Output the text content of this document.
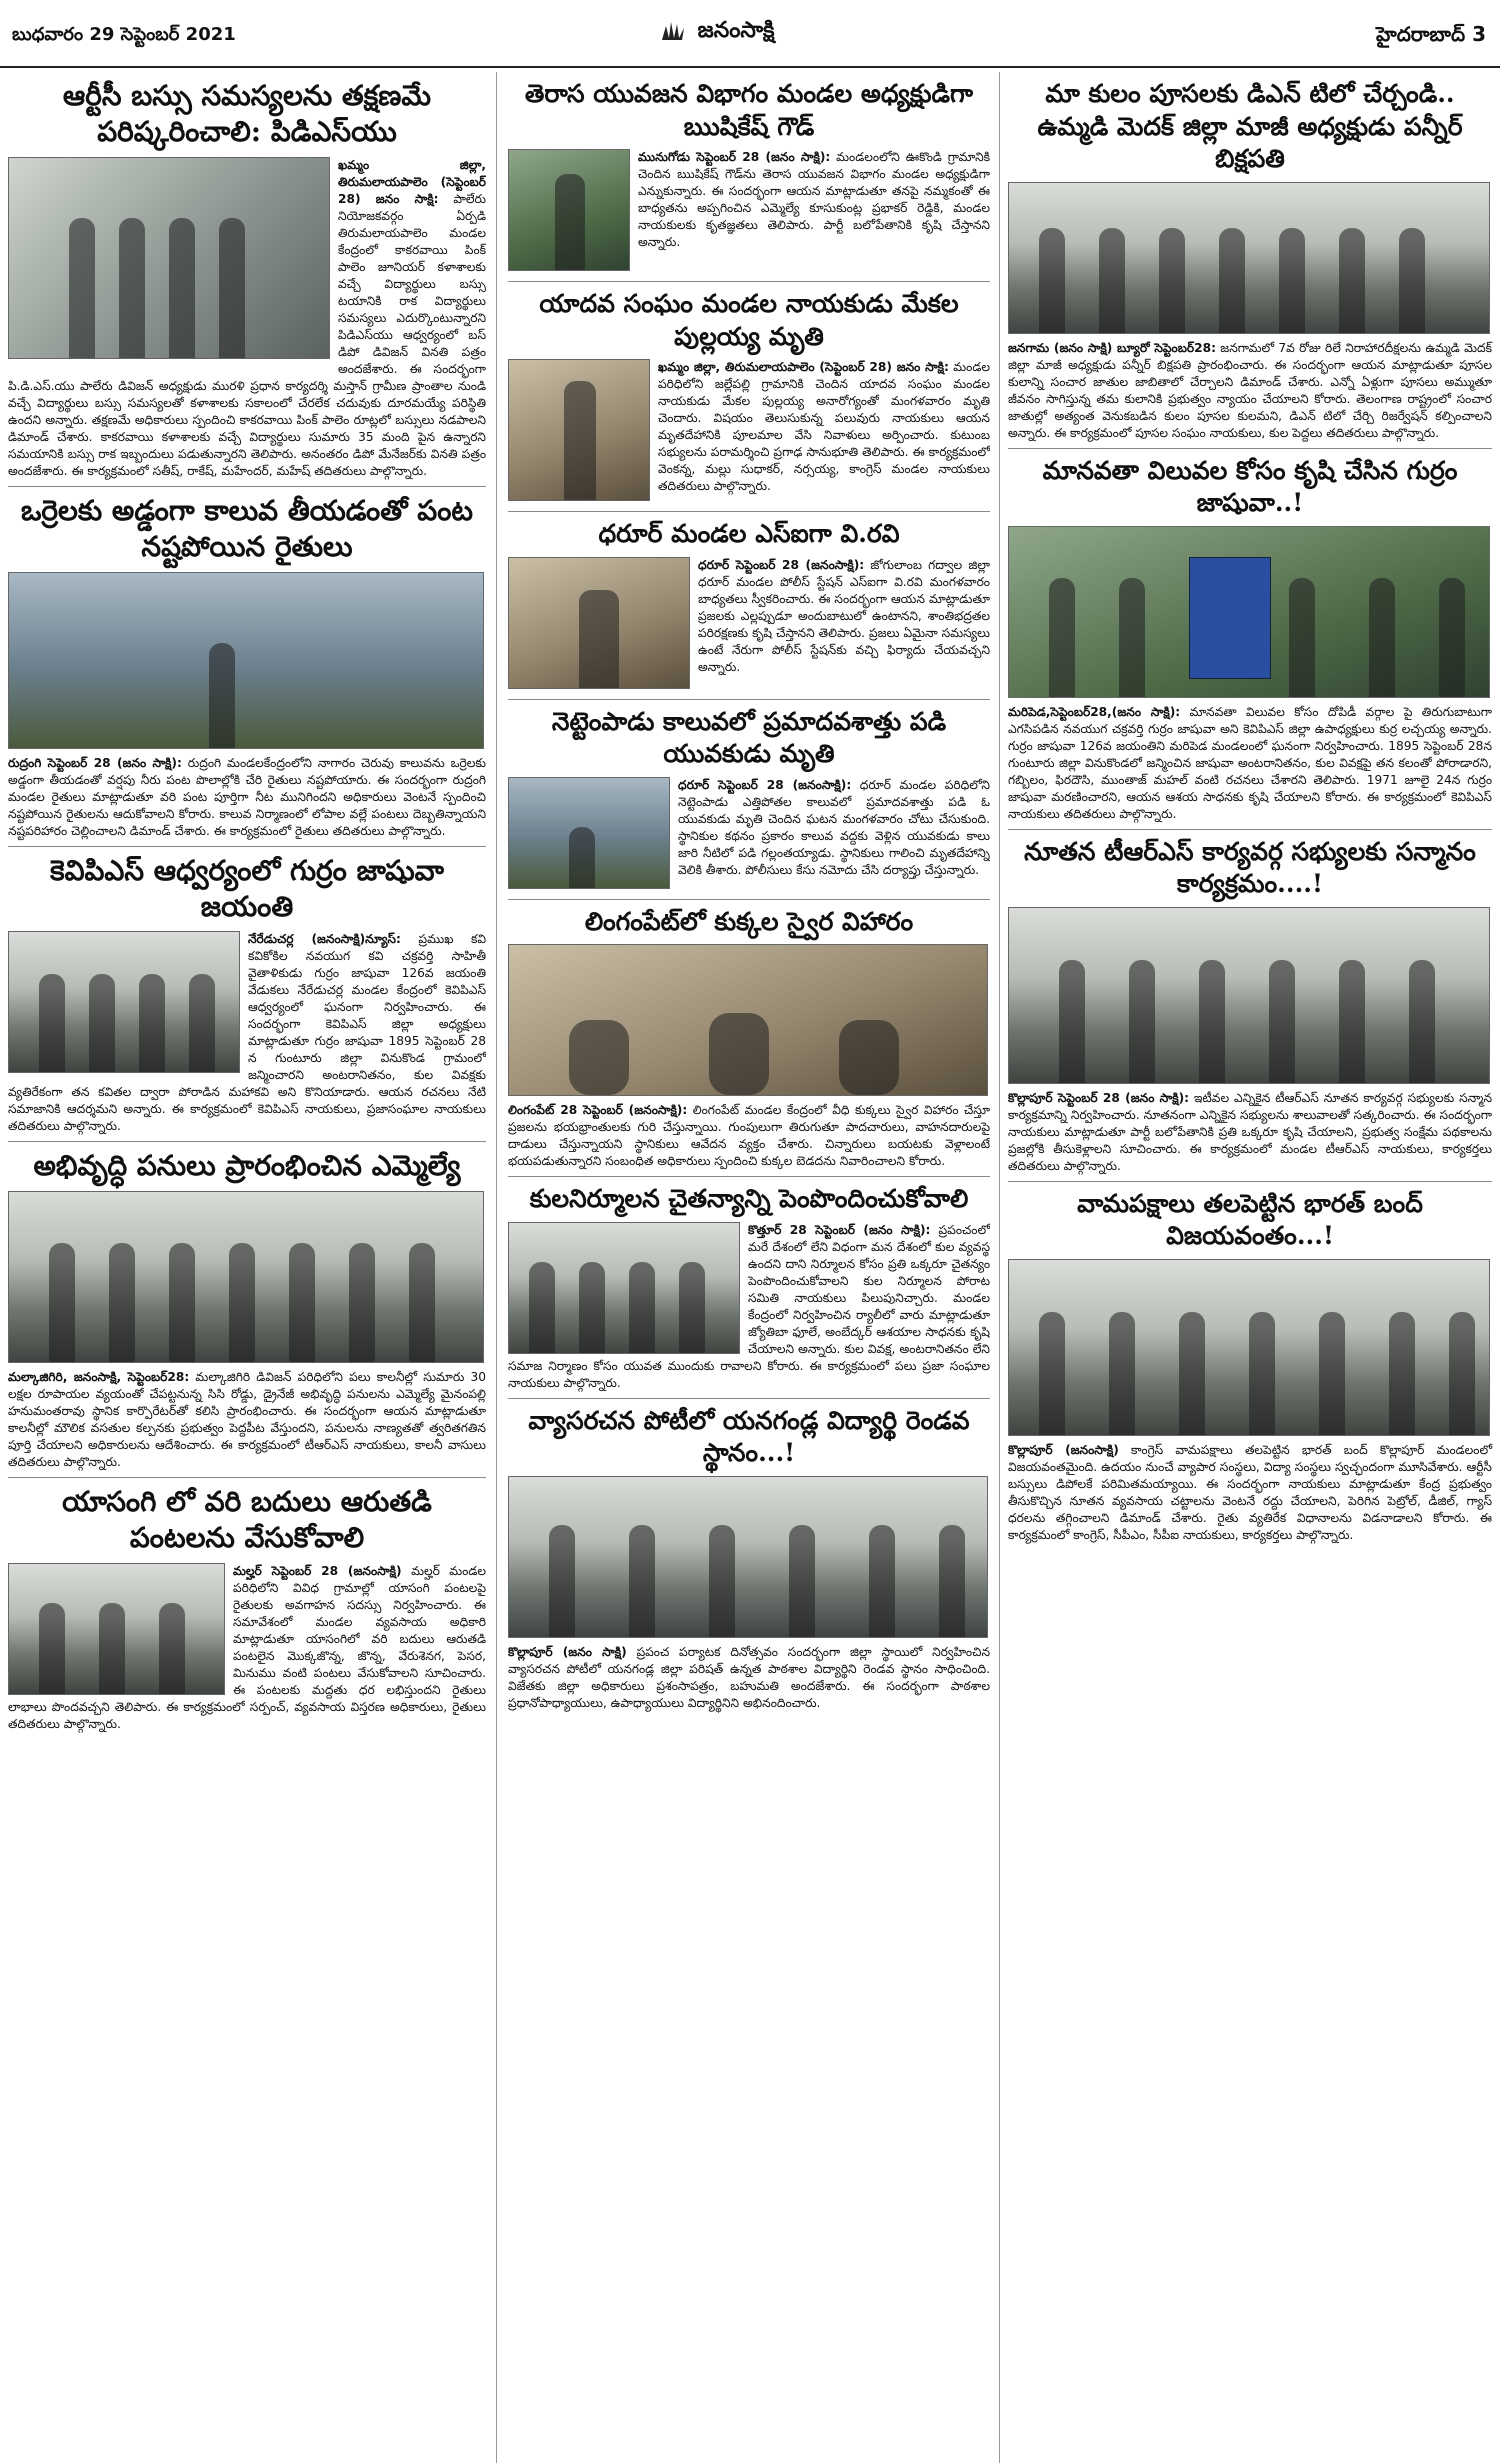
బుధవారం 29 సెప్టెంబర్ 2021	జనంసాక్షి	హైదరాబాద్ 3
ఆర్టీసీ బస్సు సమస్యలను తక్షణమే పరిష్కరించాలి: పిడిఎస్‌యు

ఖమ్మం జిల్లా, తిరుమలాయపాలెం (సెప్టెంబర్ 28) జనం సాక్షి: పాలేరు నియోజకవర్గం ఏర్పడి తిరుమలాయపాలెం మండల కేంద్రంలో కాకరవాయి పింక్ పాలెం జూనియర్ కళాశాలకు వచ్చే విద్యార్థులు బస్సు టయానికి రాక విద్యార్థులు సమస్యలు ఎదుర్కొంటున్నారని పిడిఎస్‌యు ఆధ్వర్యంలో బస్ డిపో డివిజన్ వినతి పత్రం అందజేశారు. ఈ సందర్భంగా పి.డి.ఎస్.యు పాలేరు డివిజన్ అధ్యక్షుడు మురళి ప్రధాన కార్యదర్శి మస్తాన్ గ్రామీణ ప్రాంతాల నుండి వచ్చే విద్యార్థులు బస్సు సమస్యలతో కళాశాలకు సకాలంలో చేరలేక చదువుకు దూరమయ్యే పరిస్థితి ఉందని అన్నారు. తక్షణమే అధికారులు స్పందించి కాకరవాయి పింక్ పాలెం రూట్లలో బస్సులు నడపాలని డిమాండ్ చేశారు. కాకరవాయి కళాశాలకు వచ్చే విద్యార్థులు సుమారు 35 మంది పైన ఉన్నారని సమయానికి బస్సు రాక ఇబ్బందులు పడుతున్నారని తెలిపారు. అనంతరం డిపో మేనేజర్‌కు వినతి పత్రం అందజేశారు. ఈ కార్యక్రమంలో సతీష్, రాకేష్, మహేందర్, మహేష్ తదితరులు పాల్గొన్నారు.

ఒర్రెలకు అడ్డంగా కాలువ తీయడంతో పంట నష్టపోయిన రైతులు

రుద్రంగి సెప్టెంబర్ 28 (జనం సాక్షి): రుద్రంగి మండలకేంద్రంలోని నాగారం చెరువు కాలువను ఒర్రెలకు అడ్డంగా తీయడంతో వర్షపు నీరు పంట పొలాల్లోకి చేరి రైతులు నష్టపోయారు. ఈ సందర్భంగా రుద్రంగి మండల రైతులు మాట్లాడుతూ వరి పంట పూర్తిగా నీట మునిగిందని అధికారులు వెంటనే స్పందించి నష్టపోయిన రైతులను ఆదుకోవాలని కోరారు. కాలువ నిర్మాణంలో లోపాల వల్లే పంటలు దెబ్బతిన్నాయని నష్టపరిహారం చెల్లించాలని డిమాండ్ చేశారు. ఈ కార్యక్రమంలో రైతులు తదితరులు పాల్గొన్నారు.

కెవిపిఎస్ ఆధ్వర్యంలో గుర్రం జాషువా జయంతి

నేరేడుచర్ల (జనంసాక్షి)న్యూస్: ప్రముఖ కవి కవికోకిల నవయుగ కవి చక్రవర్తి సాహితీ వైతాళికుడు గుర్రం జాషువా 126వ జయంతి వేడుకలు నేరేడుచర్ల మండల కేంద్రంలో కెవిపిఎస్ ఆధ్వర్యంలో ఘనంగా నిర్వహించారు. ఈ సందర్భంగా కెవిపిఎస్ జిల్లా అధ్యక్షులు మాట్లాడుతూ గుర్రం జాషువా 1895 సెప్టెంబర్ 28 న గుంటూరు జిల్లా వినుకొండ గ్రామంలో జన్మించారని అంటరానితనం, కుల వివక్షకు వ్యతిరేకంగా తన కవితల ద్వారా పోరాడిన మహాకవి అని కొనియాడారు. ఆయన రచనలు నేటి సమాజానికి ఆదర్శమని అన్నారు. ఈ కార్యక్రమంలో కెవిపిఎస్ నాయకులు, ప్రజాసంఘాల నాయకులు తదితరులు పాల్గొన్నారు.

అభివృద్ధి పనులు ప్రారంభించిన ఎమ్మెల్యే

మల్కాజిగిరి, జనంసాక్షి, సెప్టెంబర్28: మల్కాజిగిరి డివిజన్ పరిధిలోని పలు కాలనీల్లో సుమారు 30 లక్షల రూపాయల వ్యయంతో చేపట్టనున్న సిసి రోడ్డు, డ్రైనేజీ అభివృద్ధి పనులను ఎమ్మెల్యే మైనంపల్లి హనుమంతరావు స్థానిక కార్పొరేటర్‌తో కలిసి ప్రారంభించారు. ఈ సందర్భంగా ఆయన మాట్లాడుతూ కాలనీల్లో మౌలిక వసతుల కల్పనకు ప్రభుత్వం పెద్దపీట వేస్తుందని, పనులను నాణ్యతతో త్వరితగతిన పూర్తి చేయాలని అధికారులను ఆదేశించారు. ఈ కార్యక్రమంలో టీఆర్ఎస్ నాయకులు, కాలనీ వాసులు తదితరులు పాల్గొన్నారు.

యాసంగి లో వరి బదులు ఆరుతడి పంటలను వేసుకోవాలి

మల్హర్ సెప్టెంబర్ 28 (జనంసాక్షి) మల్హర్ మండల పరిధిలోని వివిధ గ్రామాల్లో యాసంగి పంటలపై రైతులకు అవగాహన సదస్సు నిర్వహించారు. ఈ సమావేశంలో మండల వ్యవసాయ అధికారి మాట్లాడుతూ యాసంగిలో వరి బదులు ఆరుతడి పంటలైన మొక్కజొన్న, జొన్న, వేరుశెనగ, పెసర, మినుము వంటి పంటలు వేసుకోవాలని సూచించారు. ఈ పంటలకు మద్దతు ధర లభిస్తుందని రైతులు లాభాలు పొందవచ్చని తెలిపారు. ఈ కార్యక్రమంలో సర్పంచ్, వ్యవసాయ విస్తరణ అధికారులు, రైతులు తదితరులు పాల్గొన్నారు.

తెరాస యువజన విభాగం మండల అధ్యక్షుడిగా ఋషికేష్ గౌడ్

మునుగోడు సెప్టెంబర్ 28 (జనం సాక్షి): మండలంలోని ఊకొండి గ్రామానికి చెందిన ఋషికేష్ గౌడ్‌ను తెరాస యువజన విభాగం మండల అధ్యక్షుడిగా ఎన్నుకున్నారు. ఈ సందర్భంగా ఆయన మాట్లాడుతూ తనపై నమ్మకంతో ఈ బాధ్యతను అప్పగించిన ఎమ్మెల్యే కూసుకుంట్ల ప్రభాకర్ రెడ్డికి, మండల నాయకులకు కృతజ్ఞతలు తెలిపారు. పార్టీ బలోపేతానికి కృషి చేస్తానని అన్నారు.

యాదవ సంఘం మండల నాయకుడు మేకల పుల్లయ్య మృతి

ఖమ్మం జిల్లా, తిరుమలాయపాలెం (సెప్టెంబర్ 28) జనం సాక్షి: మండల పరిధిలోని జల్లేపల్లి గ్రామానికి చెందిన యాదవ సంఘం మండల నాయకుడు మేకల పుల్లయ్య అనారోగ్యంతో మంగళవారం మృతి చెందారు. విషయం తెలుసుకున్న పలువురు నాయకులు ఆయన మృతదేహానికి పూలమాల వేసి నివాళులు అర్పించారు. కుటుంబ సభ్యులను పరామర్శించి ప్రగాఢ సానుభూతి తెలిపారు. ఈ కార్యక్రమంలో వెంకన్న, మల్లు సుధాకర్, నర్సయ్య, కాంగ్రెస్ మండల నాయకులు తదితరులు పాల్గొన్నారు.

ధరూర్ మండల ఎస్ఐగా వి.రవి

ధరూర్ సెప్టెంబర్ 28 (జనంసాక్షి): జోగులాంబ గద్వాల జిల్లా ధరూర్ మండల పోలీస్ స్టేషన్ ఎస్ఐగా వి.రవి మంగళవారం బాధ్యతలు స్వీకరించారు. ఈ సందర్భంగా ఆయన మాట్లాడుతూ ప్రజలకు ఎల్లప్పుడూ అందుబాటులో ఉంటానని, శాంతిభద్రతల పరిరక్షణకు కృషి చేస్తానని తెలిపారు. ప్రజలు ఏమైనా సమస్యలు ఉంటే నేరుగా పోలీస్ స్టేషన్‌కు వచ్చి ఫిర్యాదు చేయవచ్చని అన్నారు.

నెట్టెంపాడు కాలువలో ప్రమాదవశాత్తు పడి యువకుడు మృతి

ధరూర్ సెప్టెంబర్ 28 (జనంసాక్షి): ధరూర్ మండల పరిధిలోని నెట్టెంపాడు ఎత్తిపోతల కాలువలో ప్రమాదవశాత్తు పడి ఓ యువకుడు మృతి చెందిన ఘటన మంగళవారం చోటు చేసుకుంది. స్థానికుల కథనం ప్రకారం కాలువ వద్దకు వెళ్లిన యువకుడు కాలు జారి నీటిలో పడి గల్లంతయ్యాడు. స్థానికులు గాలించి మృతదేహాన్ని వెలికి తీశారు. పోలీసులు కేసు నమోదు చేసి దర్యాప్తు చేస్తున్నారు.

లింగంపేట్‌లో కుక్కల స్వైర విహారం

లింగంపేట్ 28 సెప్టెంబర్ (జనంసాక్షి): లింగంపేట్ మండల కేంద్రంలో వీధి కుక్కలు స్వైర విహారం చేస్తూ ప్రజలను భయభ్రాంతులకు గురి చేస్తున్నాయి. గుంపులుగా తిరుగుతూ పాదచారులు, వాహనదారులపై దాడులు చేస్తున్నాయని స్థానికులు ఆవేదన వ్యక్తం చేశారు. చిన్నారులు బయటకు వెళ్లాలంటే భయపడుతున్నారని సంబంధిత అధికారులు స్పందించి కుక్కల బెడదను నివారించాలని కోరారు.

కులనిర్మూలన చైతన్యాన్ని పెంపొందించుకోవాలి

కొత్తూర్ 28 సెప్టెంబర్ (జనం సాక్షి): ప్రపంచంలో మరే దేశంలో లేని విధంగా మన దేశంలో కుల వ్యవస్థ ఉందని దాని నిర్మూలన కోసం ప్రతి ఒక్కరూ చైతన్యం పెంపొందించుకోవాలని కుల నిర్మూలన పోరాట సమితి నాయకులు పిలుపునిచ్చారు. మండల కేంద్రంలో నిర్వహించిన ర్యాలీలో వారు మాట్లాడుతూ జ్యోతిబా ఫూలే, అంబేద్కర్ ఆశయాల సాధనకు కృషి చేయాలని అన్నారు. కుల వివక్ష, అంటరానితనం లేని సమాజ నిర్మాణం కోసం యువత ముందుకు రావాలని కోరారు. ఈ కార్యక్రమంలో పలు ప్రజా సంఘాల నాయకులు పాల్గొన్నారు.

వ్యాసరచన పోటీలో యనగండ్ల విద్యార్థి రెండవ స్థానం...!

కొల్లాపూర్ (జనం సాక్షి) ప్రపంచ పర్యాటక దినోత్సవం సందర్భంగా జిల్లా స్థాయిలో నిర్వహించిన వ్యాసరచన పోటీలో యనగండ్ల జిల్లా పరిషత్ ఉన్నత పాఠశాల విద్యార్థిని రెండవ స్థానం సాధించింది. విజేతకు జిల్లా అధికారులు ప్రశంసాపత్రం, బహుమతి అందజేశారు. ఈ సందర్భంగా పాఠశాల ప్రధానోపాధ్యాయులు, ఉపాధ్యాయులు విద్యార్థినిని అభినందించారు.

మా కులం పూసలకు డిఎన్ టిలో చేర్చండి.. ఉమ్మడి మెదక్ జిల్లా మాజీ అధ్యక్షుడు పన్నీర్ బిక్షపతి

జనగామ (జనం సాక్షి) బ్యూరో సెప్టెంబర్28: జనగామలో 7వ రోజు రిలే నిరాహారదీక్షలను ఉమ్మడి మెదక్ జిల్లా మాజీ అధ్యక్షుడు పన్నీర్ బిక్షపతి ప్రారంభించారు. ఈ సందర్భంగా ఆయన మాట్లాడుతూ పూసల కులాన్ని సంచార జాతుల జాబితాలో చేర్చాలని డిమాండ్ చేశారు. ఎన్నో ఏళ్లుగా పూసలు అమ్ముతూ జీవనం సాగిస్తున్న తమ కులానికి ప్రభుత్వం న్యాయం చేయాలని కోరారు. తెలంగాణ రాష్ట్రంలో సంచార జాతుల్లో అత్యంత వెనుకబడిన కులం పూసల కులమని, డిఎన్ టిలో చేర్చి రిజర్వేషన్ కల్పించాలని అన్నారు. ఈ కార్యక్రమంలో పూసల సంఘం నాయకులు, కుల పెద్దలు తదితరులు పాల్గొన్నారు.

మానవతా విలువల కోసం కృషి చేసిన గుర్రం జాషువా..!

మరిపెడ,సెప్టెంబర్28,(జనం సాక్షి): మానవతా విలువల కోసం దోపిడీ వర్గాల పై తిరుగుబాటుగా ఎగసిపడిన నవయుగ చక్రవర్తి గుర్రం జాషువా అని కెవిపిఎస్ జిల్లా ఉపాధ్యక్షులు కుర్ర లచ్చయ్య అన్నారు. గుర్రం జాషువా 126వ జయంతిని మరిపెడ మండలంలో ఘనంగా నిర్వహించారు. 1895 సెప్టెంబర్ 28న గుంటూరు జిల్లా వినుకొండలో జన్మించిన జాషువా అంటరానితనం, కుల వివక్షపై తన కలంతో పోరాడారని, గబ్బిలం, ఫిరదౌసి, ముంతాజ్ మహల్ వంటి రచనలు చేశారని తెలిపారు. 1971 జూలై 24న గుర్రం జాషువా మరణించారని, ఆయన ఆశయ సాధనకు కృషి చేయాలని కోరారు. ఈ కార్యక్రమంలో కెవిపిఎస్ నాయకులు తదితరులు పాల్గొన్నారు.

నూతన టీఆర్ఎస్ కార్యవర్గ సభ్యులకు సన్మానం కార్యక్రమం....!

కొల్లాపూర్ సెప్టెంబర్ 28 (జనం సాక్షి): ఇటీవల ఎన్నికైన టీఆర్ఎస్ నూతన కార్యవర్గ సభ్యులకు సన్మాన కార్యక్రమాన్ని నిర్వహించారు. నూతనంగా ఎన్నికైన సభ్యులను శాలువాలతో సత్కరించారు. ఈ సందర్భంగా నాయకులు మాట్లాడుతూ పార్టీ బలోపేతానికి ప్రతి ఒక్కరూ కృషి చేయాలని, ప్రభుత్వ సంక్షేమ పథకాలను ప్రజల్లోకి తీసుకెళ్లాలని సూచించారు. ఈ కార్యక్రమంలో మండల టీఆర్ఎస్ నాయకులు, కార్యకర్తలు తదితరులు పాల్గొన్నారు.

వామపక్షాలు తలపెట్టిన భారత్ బంద్ విజయవంతం...!

కొల్లాపూర్ (జనంసాక్షి) కాంగ్రెస్ వామపక్షాలు తలపెట్టిన భారత్ బంద్ కొల్లాపూర్ మండలంలో విజయవంతమైంది. ఉదయం నుంచే వ్యాపార సంస్థలు, విద్యా సంస్థలు స్వచ్ఛందంగా మూసివేశారు. ఆర్టీసీ బస్సులు డిపోలకే పరిమితమయ్యాయి. ఈ సందర్భంగా నాయకులు మాట్లాడుతూ కేంద్ర ప్రభుత్వం తీసుకొచ్చిన నూతన వ్యవసాయ చట్టాలను వెంటనే రద్దు చేయాలని, పెరిగిన పెట్రోల్, డీజిల్, గ్యాస్ ధరలను తగ్గించాలని డిమాండ్ చేశారు. రైతు వ్యతిరేక విధానాలను విడనాడాలని కోరారు. ఈ కార్యక్రమంలో కాంగ్రెస్, సీపీఎం, సీపీఐ నాయకులు, కార్యకర్తలు పాల్గొన్నారు.
